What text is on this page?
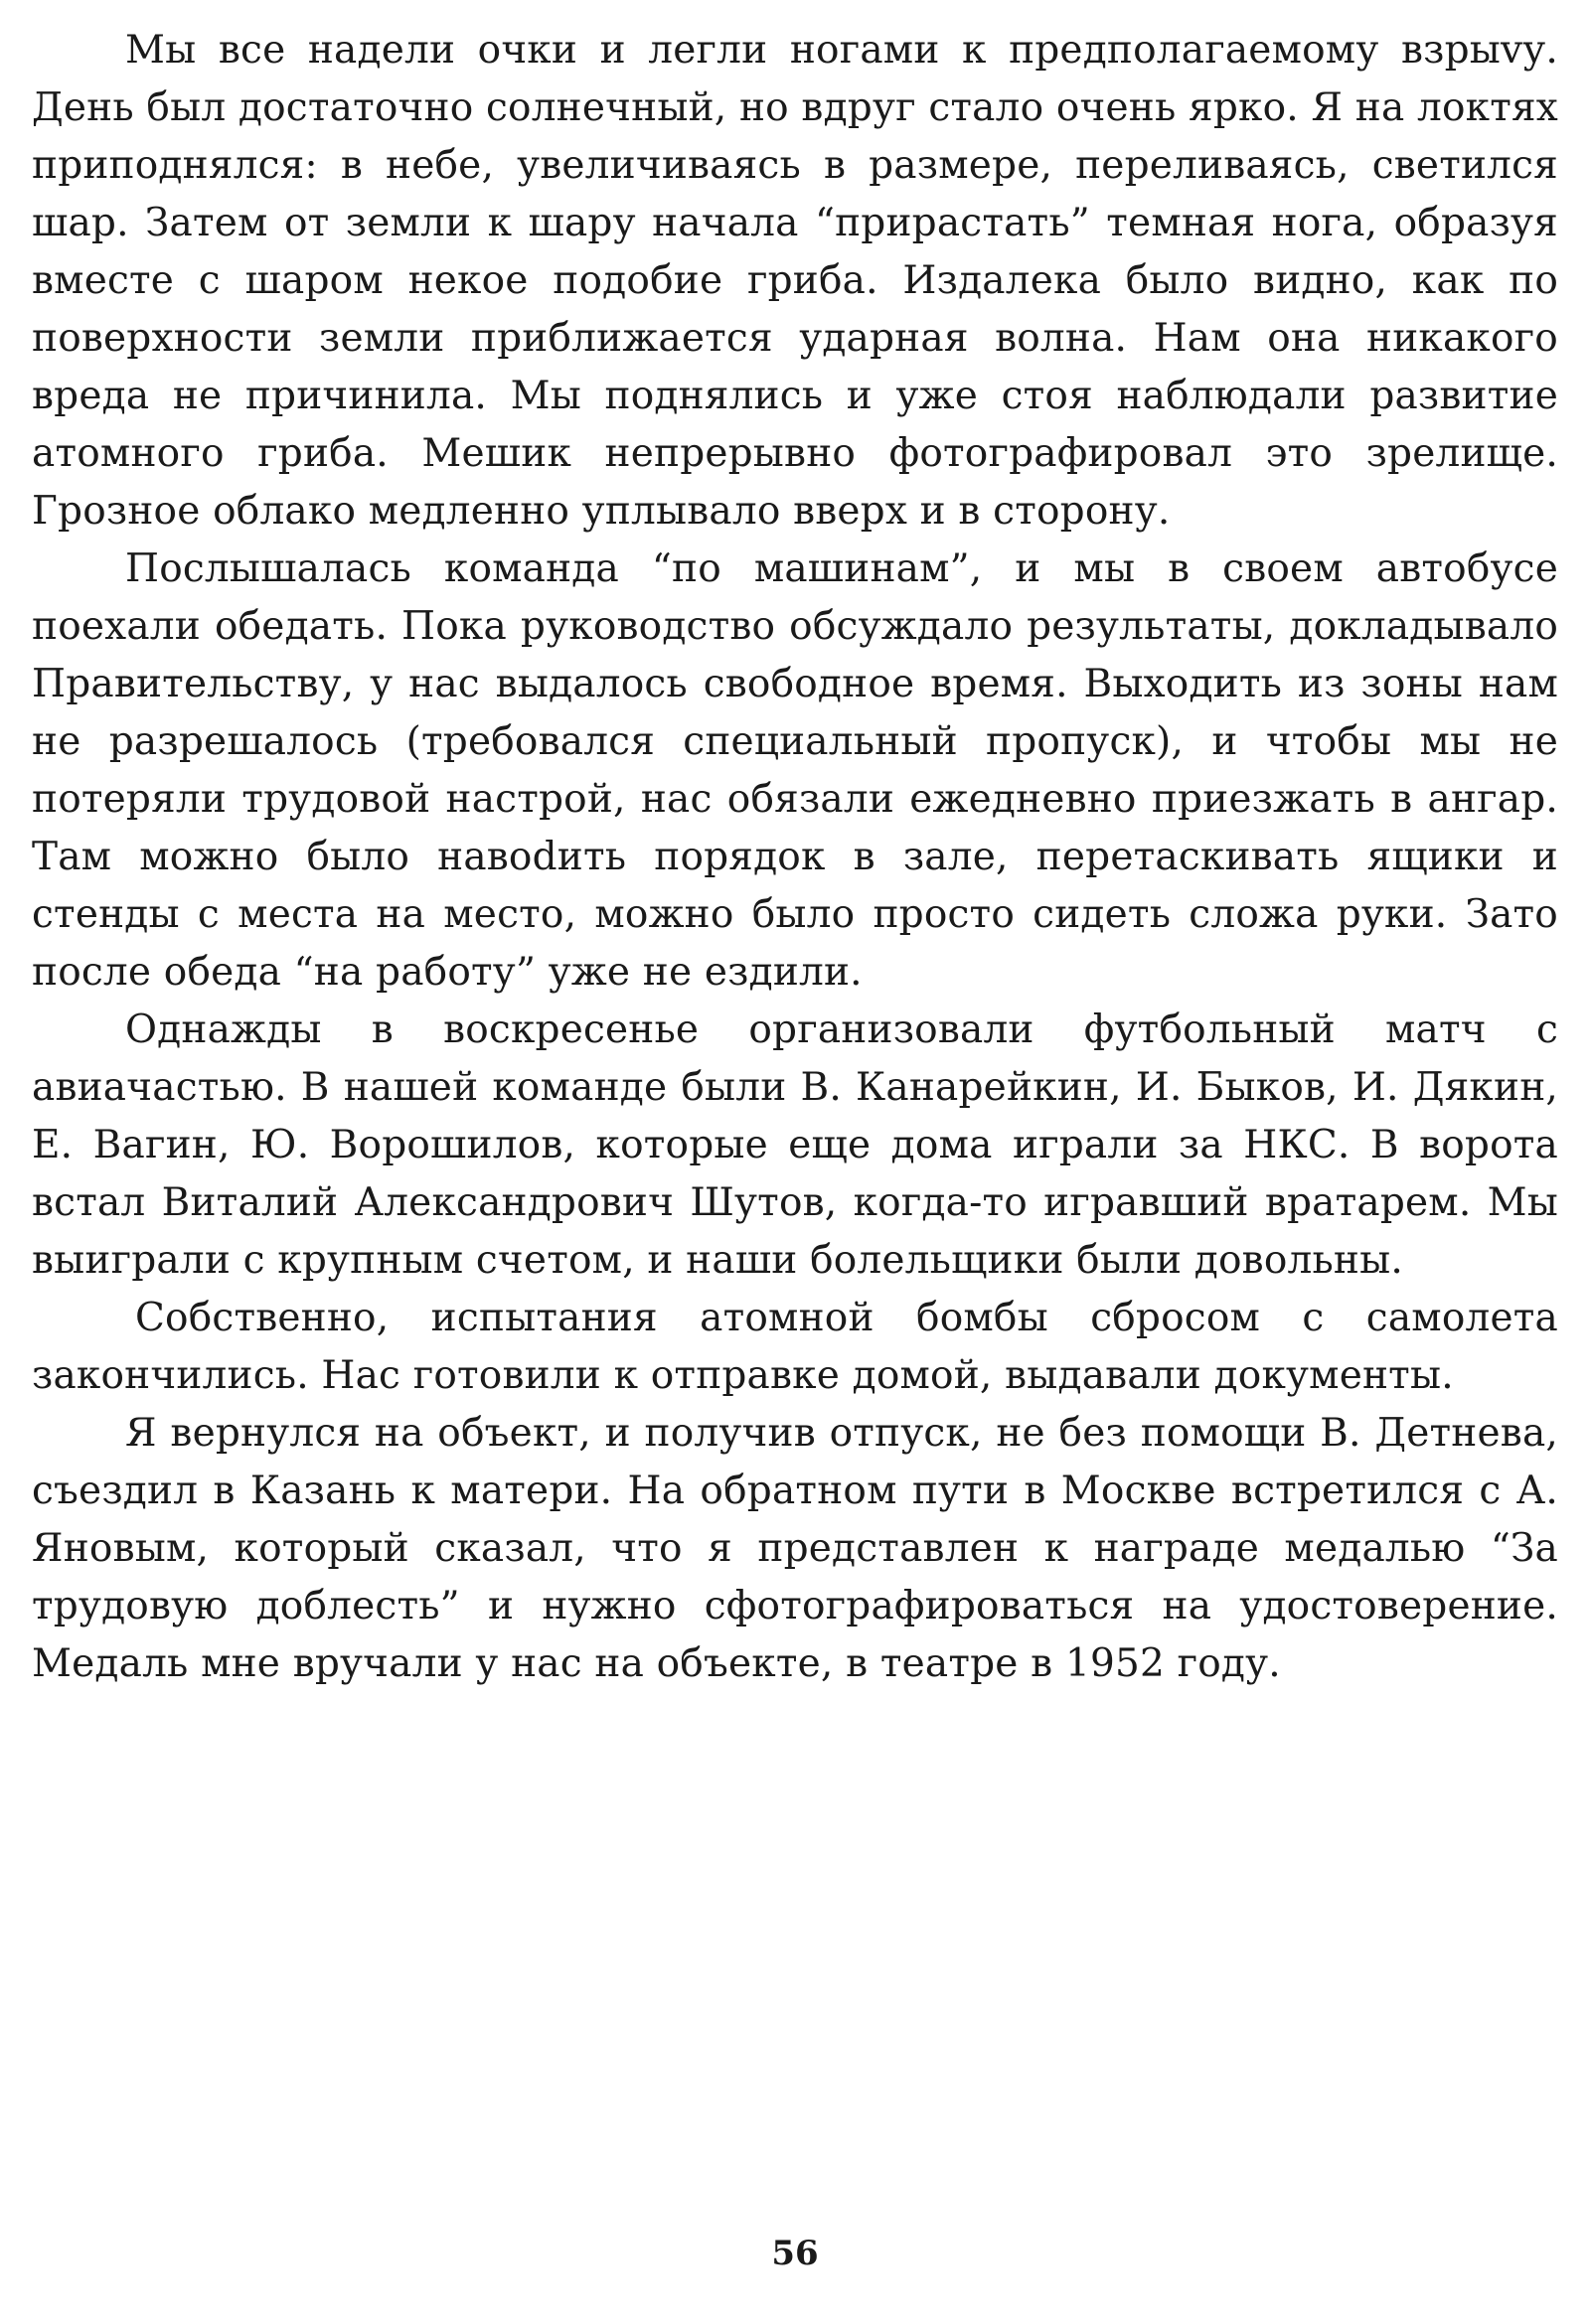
Мы все надели очки и легли ногами к предполагаемому взрыvу. День был достаточно солнечный, но вдруг стало очень ярко. Я на локтях приподнялся: в небе, увеличиваясь в размере, переливаясь, светился шар. Затем от земли к шару начала “прирастать” темная нога, образуя вместе с шаром некое подобие гриба. Издалека было видно, как по поверхности земли приближается ударная волна. Нам она никакого вреда не причинила. Мы поднялись и уже стоя наблюдали развитие атомного гриба. Мешик непрерывно фотографировал это зрелище. Грозное облако медленно уплывало вверх и в сторону.

Послышалась команда “по машинам”, и мы в своем автобусе поехали обедать. Пока руководство обсуждало результаты, докладывало Правительству, у нас выдалось свободное время. Выходить из зоны нам не разрешалось (требовался специальный пропуск), и чтобы мы не потеряли трудовой настрой, нас обязали ежедневно приезжать в ангар. Там можно было навоdить порядок в зале, перетаскивать ящики и стенды с места на место, можно было просто сидеть сложа руки. Зато после обеда “на работу” уже не ездили.

Однажды в воскресенье организовали футбольный матч с авиачастью. В нашей команде были В. Канарейкин, И. Быков, И. Дякин, Е. Вагин, Ю. Ворошилов, которые еще дома играли за НКС. В ворота встал Виталий Александрович Шутов, когда-то игравший вратарем. Мы выиграли с крупным счетом, и наши болельщики были довольны.

Собственно, испытания атомной бомбы сбросом с самолета закончились. Нас готовили к отправке домой, выдавали документы.

Я вернулся на объект, и получив отпуск, не без помощи В. Детнева, съездил в Казань к матери. На обратном пути в Москве встретился с А. Яновым, который сказал, что я представлен к награде медалью “За трудовую доблесть” и нужно сфотографироваться на удостоверение. Медаль мне вручали у нас на объекте, в театре в 1952 году.

56
